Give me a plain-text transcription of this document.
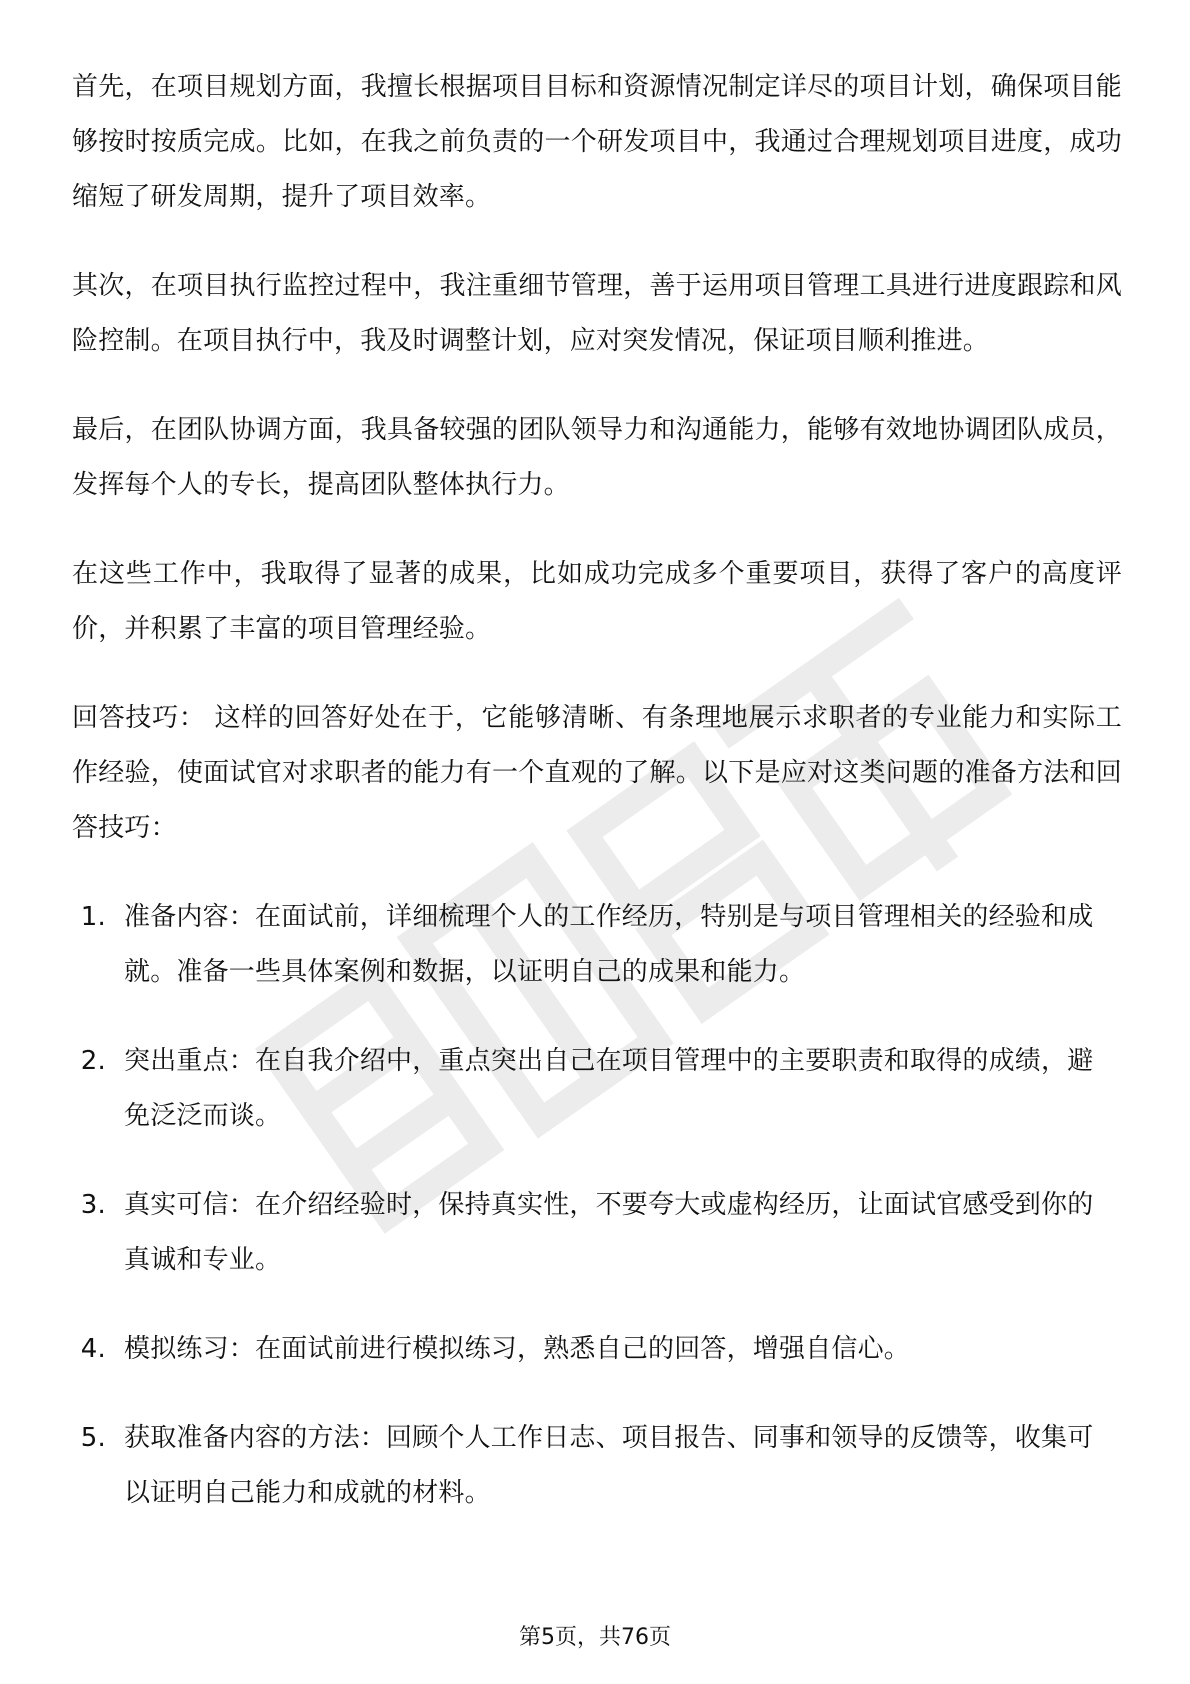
首先，在项目规划方面，我擅长根据项目目标和资源情况制定详尽的项目计划，确保项目能够按时按质完成。比如，在我之前负责的一个研发项目中，我通过合理规划项目进度，成功缩短了研发周期，提升了项目效率。

其次，在项目执行监控过程中，我注重细节管理，善于运用项目管理工具进行进度跟踪和风险控制。在项目执行中，我及时调整计划，应对突发情况，保证项目顺利推进。

最后，在团队协调方面，我具备较强的团队领导力和沟通能力，能够有效地协调团队成员，发挥每个人的专长，提高团队整体执行力。

在这些工作中，我取得了显著的成果，比如成功完成多个重要项目，获得了客户的高度评价，并积累了丰富的项目管理经验。

回答技巧： 这样的回答好处在于，它能够清晰、有条理地展示求职者的专业能力和实际工作经验，使面试官对求职者的能力有一个直观的了解。以下是应对这类问题的准备方法和回答技巧：

1. 准备内容：在面试前，详细梳理个人的工作经历，特别是与项目管理相关的经验和成就。准备一些具体案例和数据，以证明自己的成果和能力。
2. 突出重点：在自我介绍中，重点突出自己在项目管理中的主要职责和取得的成绩，避免泛泛而谈。
3. 真实可信：在介绍经验时，保持真实性，不要夸大或虚构经历，让面试官感受到你的真诚和专业。
4. 模拟练习：在面试前进行模拟练习，熟悉自己的回答，增强自信心。
5. 获取准备内容的方法：回顾个人工作日志、项目报告、同事和领导的反馈等，收集可以证明自己能力和成就的材料。
第5页，共76页
